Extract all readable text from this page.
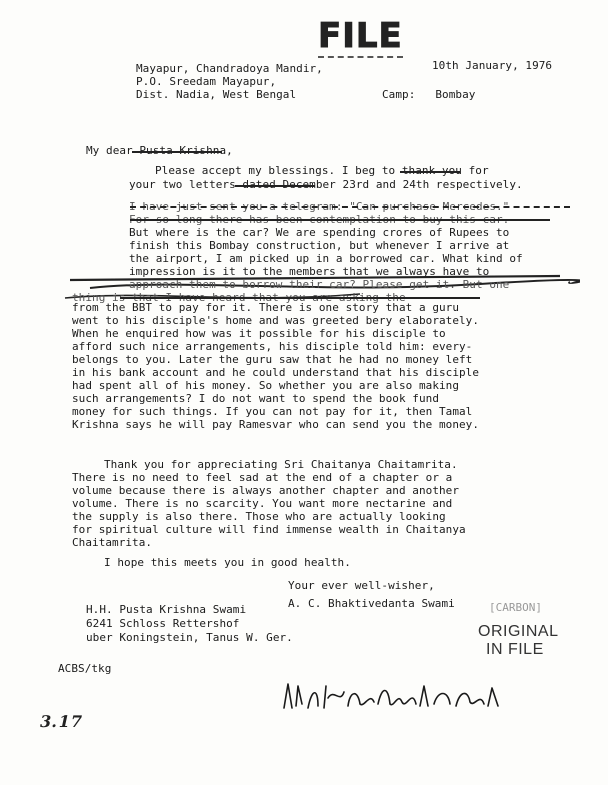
FILE
Mayapur, Chandradoya Mandir,
P.O. Sreedam Mayapur,
Dist. Nadia, West Bengal
10th January, 1976
Camp:   Bombay
My dear Pusta Krishna,
Please accept my blessings. I beg to thank you for
your two letters dated December 23rd and 24th respectively.
I have just sent you a telegram: "Can purchase Mercedes."
For so long there has been contemplation to buy this car.
But where is the car? We are spending crores of Rupees to
finish this Bombay construction, but whenever I arrive at
the airport, I am picked up in a borrowed car. What kind of
impression is it to the members that we always have to
approach them to borrow their car? Please get it. But one
thing is that I have heard that you are asking the
from the BBT to pay for it. There is one story that a guru
went to his disciple's home and was greeted bery elaborately.
When he enquired how was it possible for his disciple to
afford such nice arrangements, his disciple told him: every-
belongs to you. Later the guru saw that he had no money left
in his bank account and he could understand that his disciple
had spent all of his money. So whether you are also making
such arrangements? I do not want to spend the book fund
money for such things. If you can not pay for it, then Tamal
Krishna says he will pay Ramesvar who can send you the money.
Thank you for appreciating Sri Chaitanya Chaitamrita.
There is no need to feel sad at the end of a chapter or a
volume because there is always another chapter and another
volume. There is no scarcity. You want more nectarine and
the supply is also there. Those who are actually looking
for spiritual culture will find immense wealth in Chaitanya
Chaitamrita.
I hope this meets you in good health.
Your ever well-wisher,
A. C. Bhaktivedanta Swami
H.H. Pusta Krishna Swami
6241 Schloss Rettershof
uber Koningstein, Tanus W. Ger.
[CARBON]
ORIGINAL
IN FILE
ACBS/tkg
3.17
